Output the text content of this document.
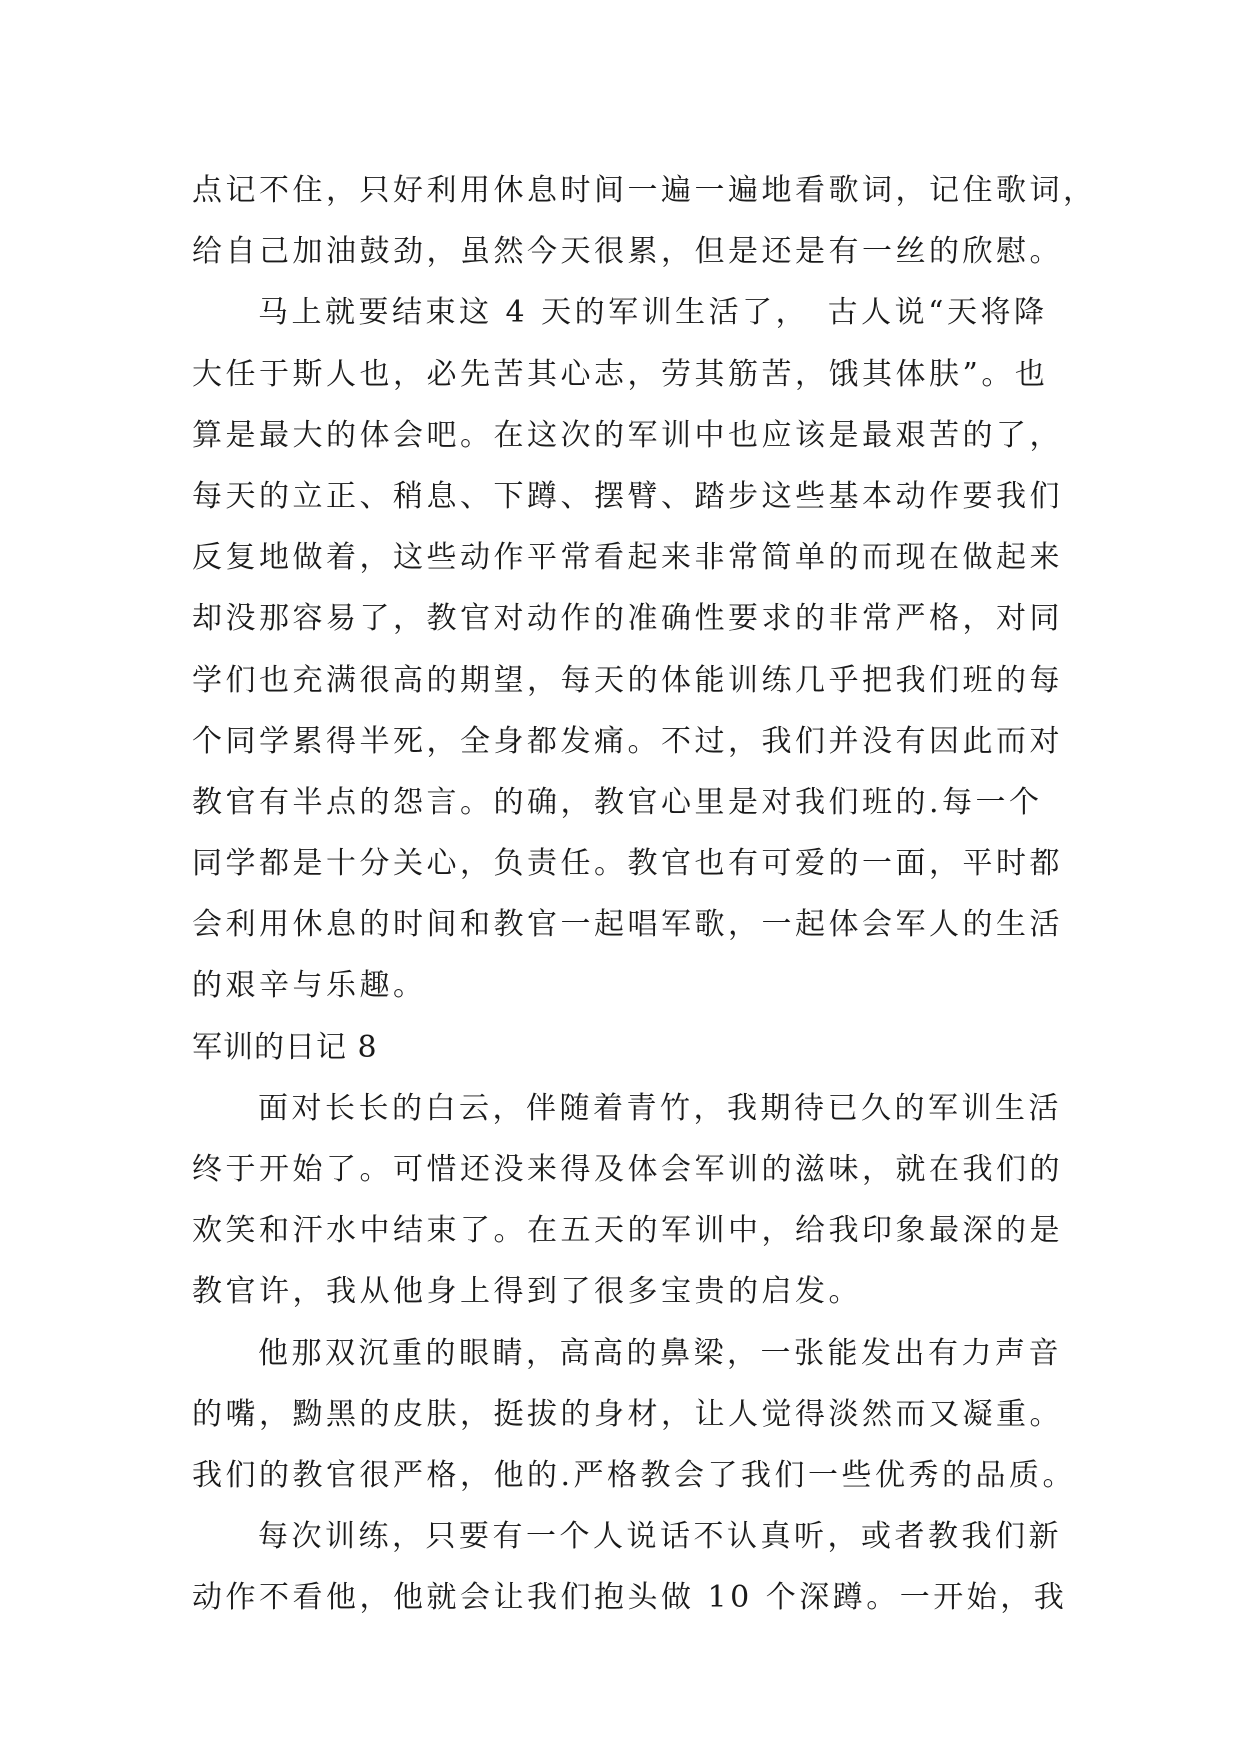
点记不住，只好利用休息时间一遍一遍地看歌词，记住歌词，
给自己加油鼓劲，虽然今天很累，但是还是有一丝的欣慰。
马上就要结束这 4 天的军训生活了，　古人说“天将降
大任于斯人也，必先苦其心志，劳其筋苦，饿其体肤”。也
算是最大的体会吧。在这次的军训中也应该是最艰苦的了，
每天的立正、稍息、下蹲、摆臂、踏步这些基本动作要我们
反复地做着，这些动作平常看起来非常简单的而现在做起来
却没那容易了，教官对动作的准确性要求的非常严格，对同
学们也充满很高的期望，每天的体能训练几乎把我们班的每
个同学累得半死，全身都发痛。不过，我们并没有因此而对
教官有半点的怨言。的确，教官心里是对我们班的.每一个
同学都是十分关心，负责任。教官也有可爱的一面，平时都
会利用休息的时间和教官一起唱军歌，一起体会军人的生活
的艰辛与乐趣。
军训的日记 8
面对长长的白云，伴随着青竹，我期待已久的军训生活
终于开始了。可惜还没来得及体会军训的滋味，就在我们的
欢笑和汗水中结束了。在五天的军训中，给我印象最深的是
教官许，我从他身上得到了很多宝贵的启发。
他那双沉重的眼睛，高高的鼻梁，一张能发出有力声音
的嘴，黝黑的皮肤，挺拔的身材，让人觉得淡然而又凝重。
我们的教官很严格，他的.严格教会了我们一些优秀的品质。
每次训练，只要有一个人说话不认真听，或者教我们新
动作不看他，他就会让我们抱头做 10 个深蹲。一开始，我
